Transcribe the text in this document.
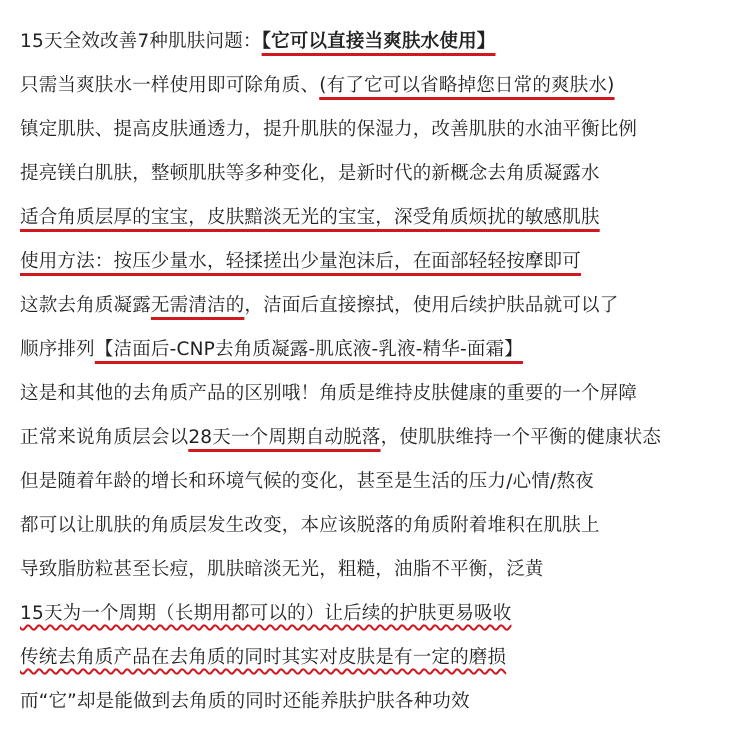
15天全效改善7种肌肤问题：【它可以直接当爽肤水使用】
只需当爽肤水一样使用即可除角质、(有了它可以省略掉您日常的爽肤水)
镇定肌肤、提高皮肤通透力，提升肌肤的保湿力，改善肌肤的水油平衡比例
提亮镁白肌肤，整顿肌肤等多种变化，是新时代的新概念去角质凝露水
适合角质层厚的宝宝，皮肤黯淡无光的宝宝，深受角质烦扰的敏感肌肤
使用方法：按压少量水，轻揉搓出少量泡沫后，在面部轻轻按摩即可
这款去角质凝露无需清洁的，洁面后直接擦拭，使用后续护肤品就可以了
顺序排列【洁面后-CNP去角质凝露-肌底液-乳液-精华-面霜】
这是和其他的去角质产品的区别哦！角质是维持皮肤健康的重要的一个屏障
正常来说角质层会以28天一个周期自动脱落，使肌肤维持一个平衡的健康状态
但是随着年龄的增长和环境气候的变化，甚至是生活的压力/心情/熬夜
都可以让肌肤的角质层发生改变，本应该脱落的角质附着堆积在肌肤上
导致脂肪粒甚至长痘，肌肤暗淡无光，粗糙，油脂不平衡，泛黄
15天为一个周期（长期用都可以的）让后续的护肤更易吸收
传统去角质产品在去角质的同时其实对皮肤是有一定的磨损
而“它”却是能做到去角质的同时还能养肤护肤各种功效
